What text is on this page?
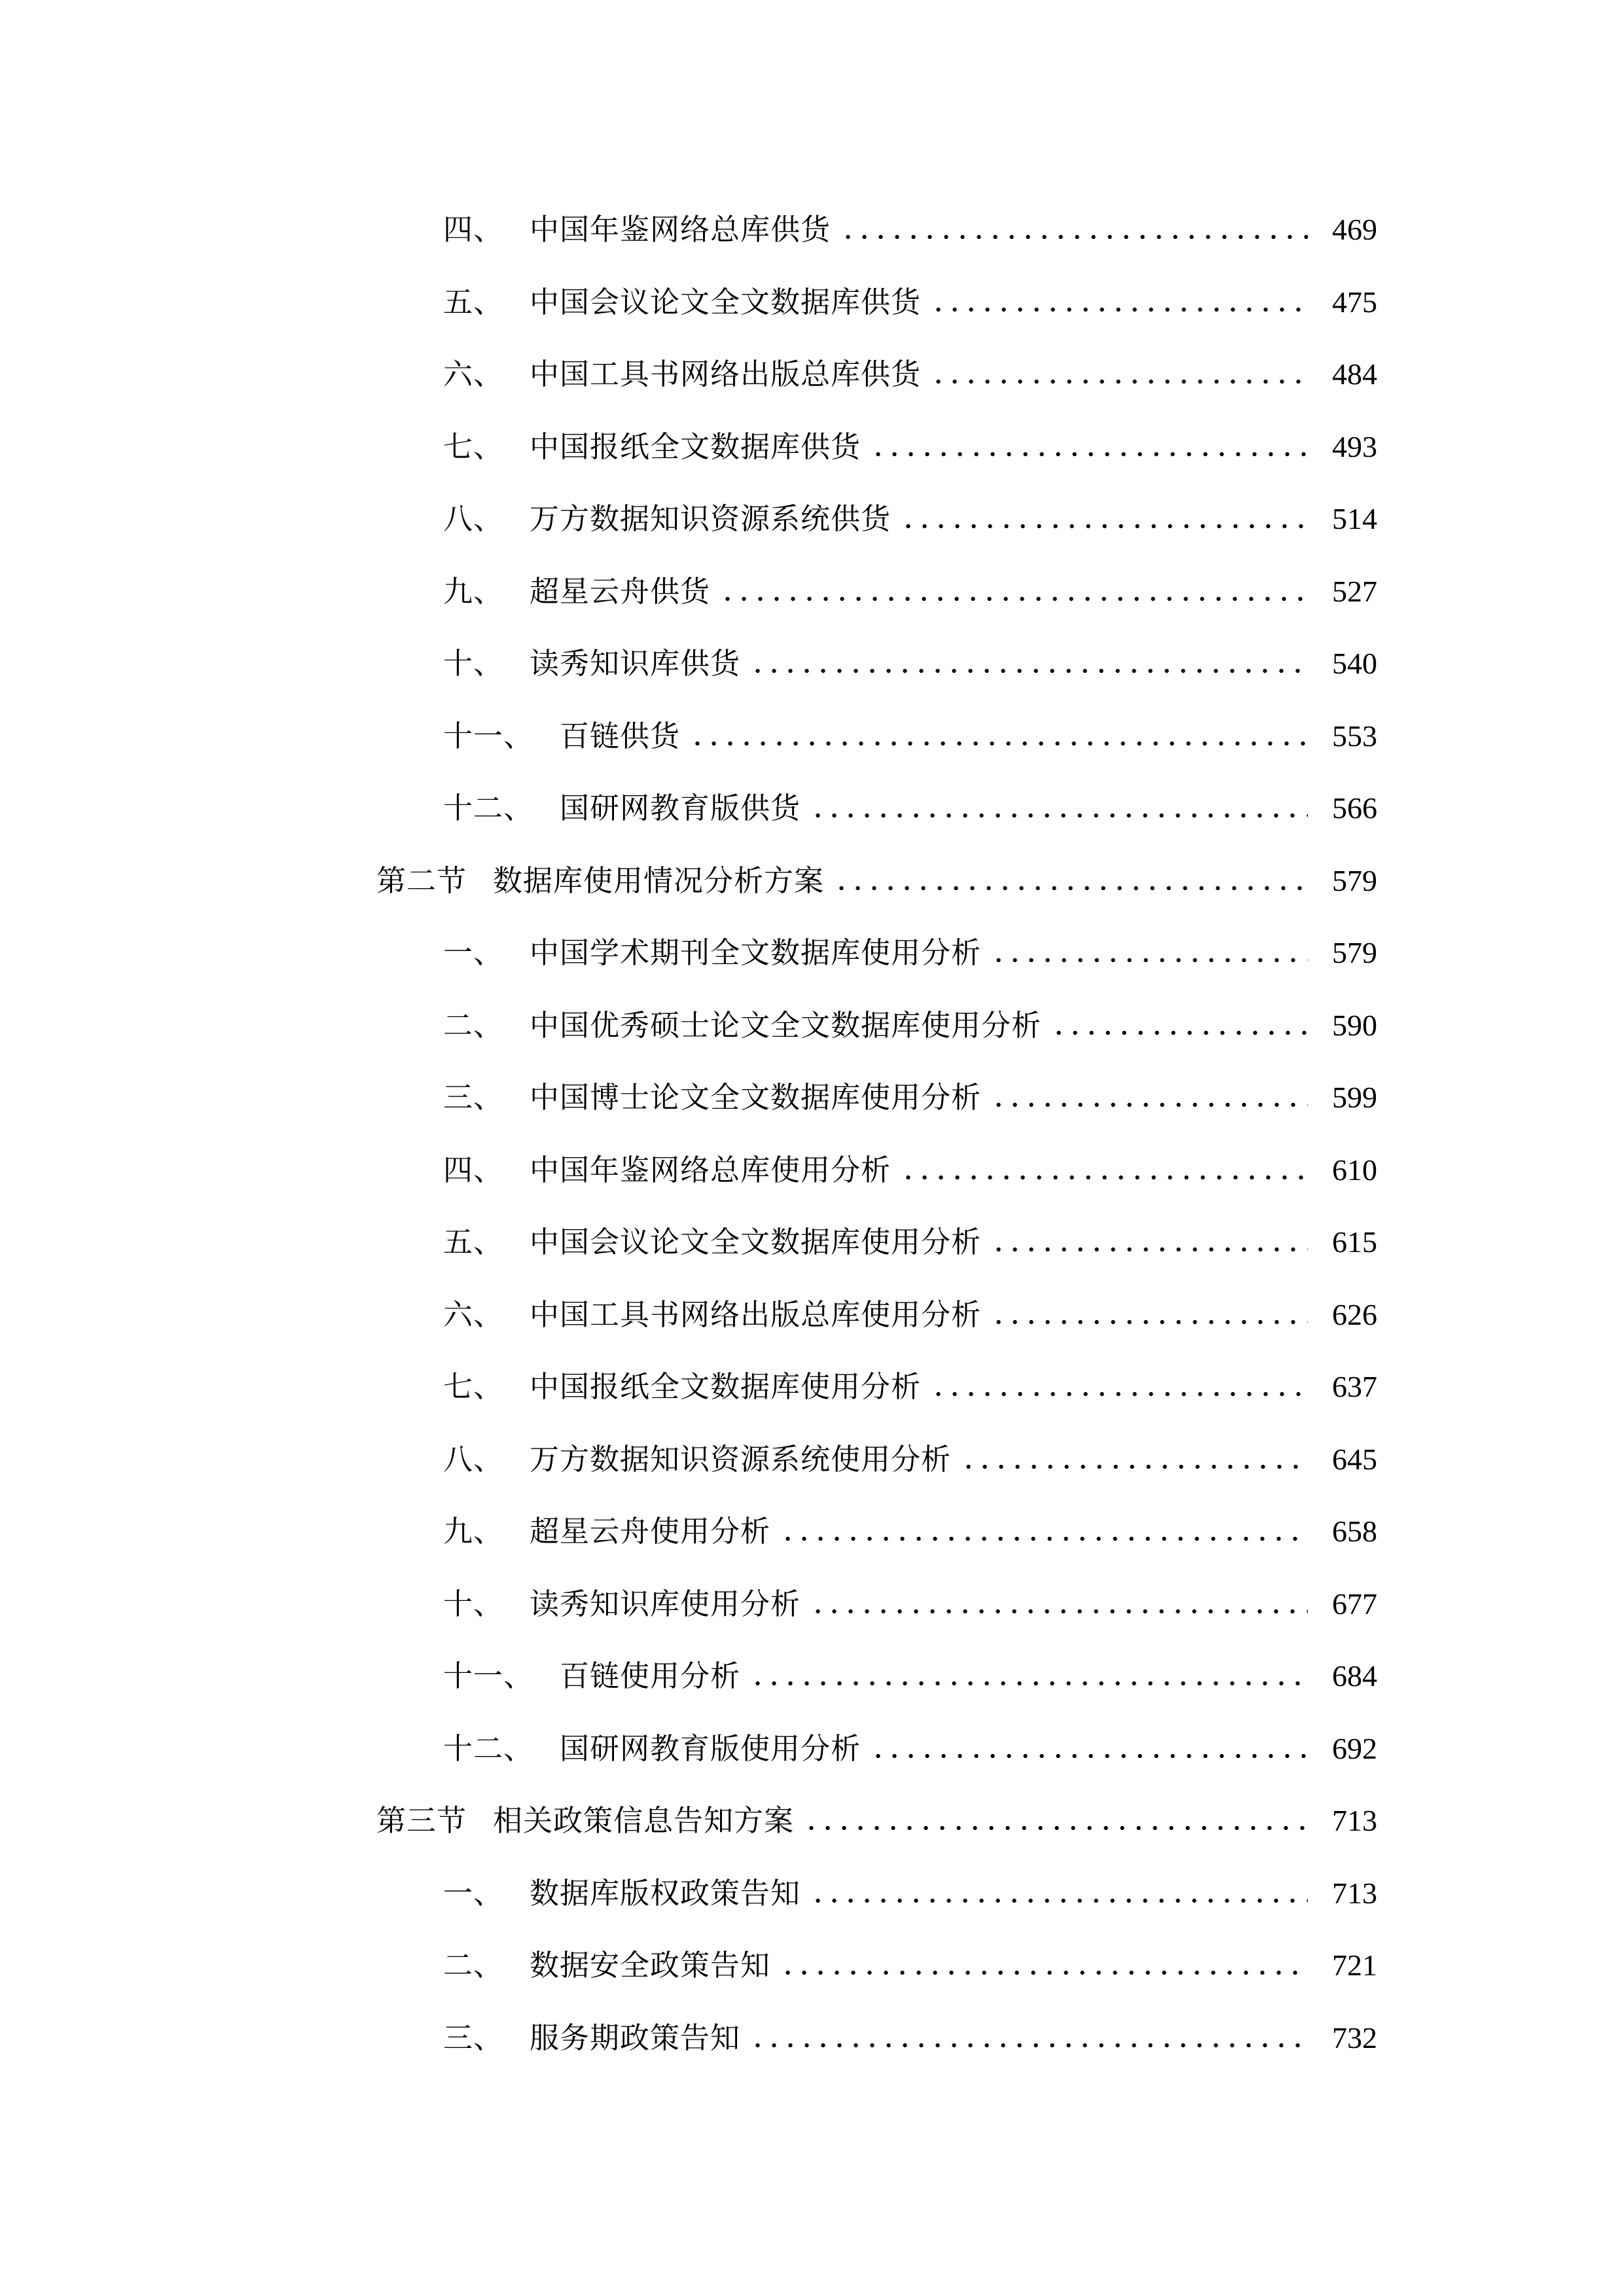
四、 中国年鉴网络总库供货	469
五、 中国会议论文全文数据库供货	475
六、 中国工具书网络出版总库供货	484
七、 中国报纸全文数据库供货	493
八、 万方数据知识资源系统供货	514
九、 超星云舟供货	527
十、 读秀知识库供货	540
十一、 百链供货	553
十二、 国研网教育版供货	566
第二节 数据库使用情况分析方案	579
一、 中国学术期刊全文数据库使用分析	579
二、 中国优秀硕士论文全文数据库使用分析	590
三、 中国博士论文全文数据库使用分析	599
四、 中国年鉴网络总库使用分析	610
五、 中国会议论文全文数据库使用分析	615
六、 中国工具书网络出版总库使用分析	626
七、 中国报纸全文数据库使用分析	637
八、 万方数据知识资源系统使用分析	645
九、 超星云舟使用分析	658
十、 读秀知识库使用分析	677
十一、 百链使用分析	684
十二、 国研网教育版使用分析	692
第三节 相关政策信息告知方案	713
一、 数据库版权政策告知	713
二、 数据安全政策告知	721
三、 服务期政策告知	732
